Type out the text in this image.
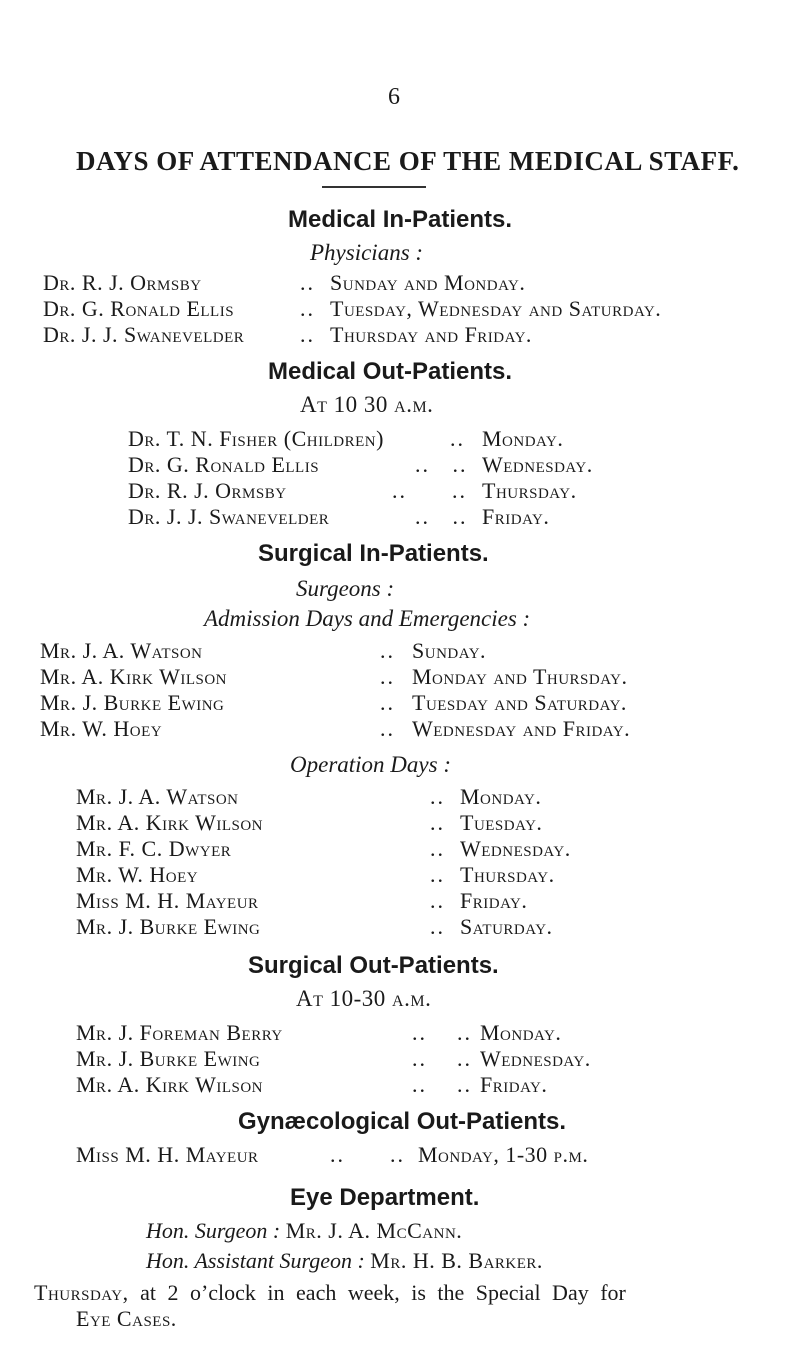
6
DAYS OF ATTENDANCE OF THE MEDICAL STAFF.
Medical In-Patients.
Physicians :
Dr. R. J. Ormsby	.. Sunday and Monday.
Dr. G. Ronald Ellis	.. Tuesday, Wednesday and Saturday.
Dr. J. J. Swanevelder	.. Thursday and Friday.
Medical Out-Patients.
At 10 30 a.m.
Dr. T. N. Fisher (Children)	.. Monday.
Dr. G. Ronald Ellis	..   .. Wednesday.
Dr. R. J. Ormsby	..      .. Thursday.
Dr. J. J. Swanevelder	..   .. Friday.
Surgical In-Patients.
Surgeons :
Admission Days and Emergencies :
Mr. J. A. Watson	.. Sunday.
Mr. A. Kirk Wilson	.. Monday and Thursday.
Mr. J. Burke Ewing	.. Tuesday and Saturday.
Mr. W. Hoey	.. Wednesday and Friday.
Operation Days :
Mr. J. A. Watson	.. Monday.
Mr. A. Kirk Wilson	.. Tuesday.
Mr. F. C. Dwyer	.. Wednesday.
Mr. W. Hoey	.. Thursday.
Miss M. H. Mayeur	.. Friday.
Mr. J. Burke Ewing	.. Saturday.
Surgical Out-Patients.
At 10-30 a.m.
Mr. J. Foreman Berry	..    .. Monday.
Mr. J. Burke Ewing	..    .. Wednesday.
Mr. A. Kirk Wilson	..    .. Friday.
Gynæcological Out-Patients.
Miss M. H. Mayeur	..      .. Monday, 1-30 p.m.
Eye Department.
Hon. Surgeon : Mr. J. A. McCann.
Hon. Assistant Surgeon : Mr. H. B. Barker.
Thursday, at 2 o’clock in each week, is the Special Day for
Eye Cases.
